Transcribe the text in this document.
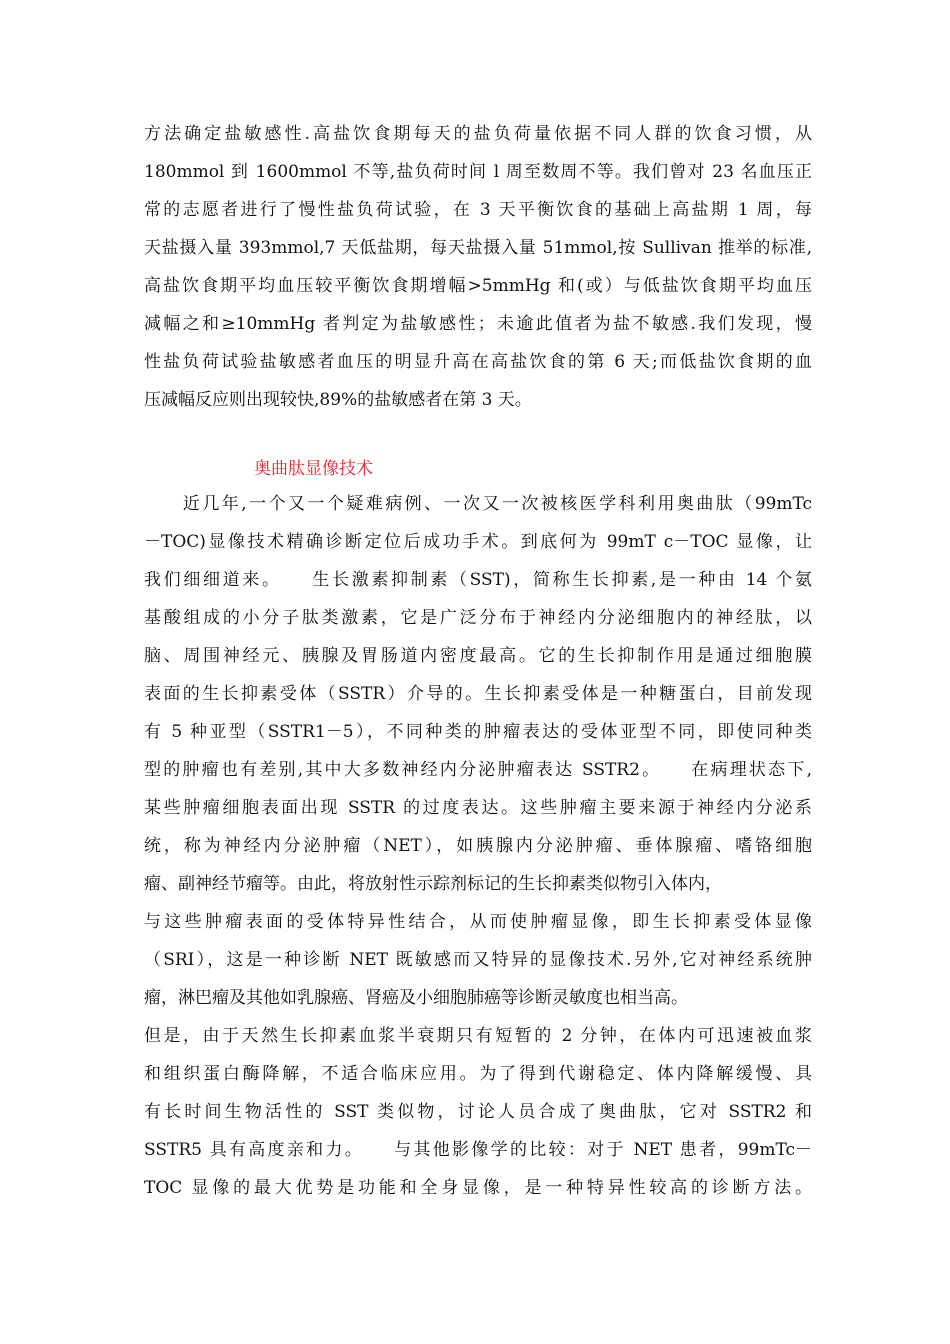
方法确定盐敏感性.高盐饮食期每天的盐负荷量依据不同人群的饮食习惯，从
180mmol 到 1600mmol 不等,盐负荷时间 l 周至数周不等。我们曾对 23 名血压正
常的志愿者进行了慢性盐负荷试验，在 3 天平衡饮食的基础上高盐期 1 周，每
天盐摄入量 393mmol,7 天低盐期，每天盐摄入量 51mmol,按 Sullivan 推举的标准,
高盐饮食期平均血压较平衡饮食期增幅>5mmHg 和(或）与低盐饮食期平均血压
减幅之和≥10mmHg 者判定为盐敏感性；未逾此值者为盐不敏感.我们发现，慢
性盐负荷试验盐敏感者血压的明显升高在高盐饮食的第 6 天;而低盐饮食期的血
压减幅反应则出现较快,89%的盐敏感者在第 3 天。
奥曲肽显像技术
　　近几年,一个又一个疑难病例、一次又一次被核医学科利用奥曲肽（99mTc
－TOC)显像技术精确诊断定位后成功手术。到底何为 99mT c－TOC 显像，让
我们细细道来。　　生长激素抑制素（SST)，简称生长抑素,是一种由 14 个氨
基酸组成的小分子肽类激素，它是广泛分布于神经内分泌细胞内的神经肽，以
脑、周围神经元、胰腺及胃肠道内密度最高。它的生长抑制作用是通过细胞膜
表面的生长抑素受体（SSTR）介导的。生长抑素受体是一种糖蛋白，目前发现
有 5 种亚型（SSTR1－5），不同种类的肿瘤表达的受体亚型不同，即使同种类
型的肿瘤也有差别,其中大多数神经内分泌肿瘤表达 SSTR2。　　在病理状态下,
某些肿瘤细胞表面出现 SSTR 的过度表达。这些肿瘤主要来源于神经内分泌系
统，称为神经内分泌肿瘤（NET），如胰腺内分泌肿瘤、垂体腺瘤、嗜铬细胞
瘤、副神经节瘤等。由此，将放射性示踪剂标记的生长抑素类似物引入体内，
与这些肿瘤表面的受体特异性结合，从而使肿瘤显像，即生长抑素受体显像
（SRI），这是一种诊断 NET 既敏感而又特异的显像技术.另外,它对神经系统肿
瘤，淋巴瘤及其他如乳腺癌、肾癌及小细胞肺癌等诊断灵敏度也相当高。
但是，由于天然生长抑素血浆半衰期只有短暂的 2 分钟，在体内可迅速被血浆
和组织蛋白酶降解，不适合临床应用。为了得到代谢稳定、体内降解缓慢、具
有长时间生物活性的 SST 类似物，讨论人员合成了奥曲肽，它对 SSTR2 和
SSTR5 具有高度亲和力。　　与其他影像学的比较：对于 NET 患者，99mTc－
TOC 显像的最大优势是功能和全身显像，是一种特异性较高的诊断方法。
